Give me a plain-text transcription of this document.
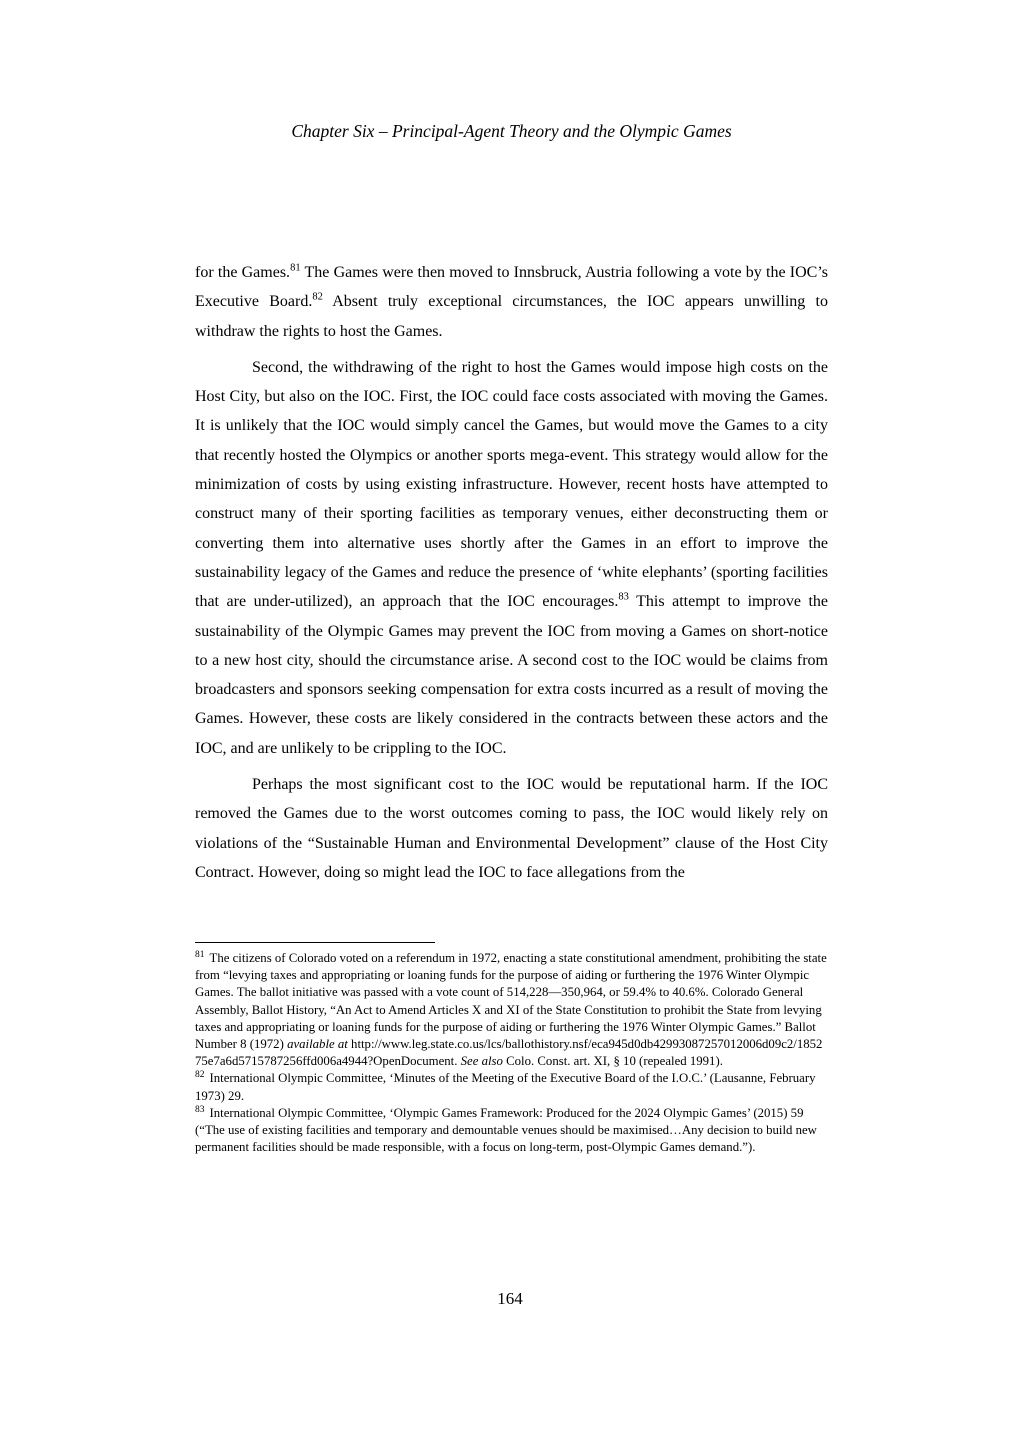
Chapter Six – Principal-Agent Theory and the Olympic Games

for the Games.$^{81}$ The Games were then moved to Innsbruck, Austria following a vote by the IOC’s Executive Board.$^{82}$ Absent truly exceptional circumstances, the IOC appears unwilling to withdraw the rights to host the Games.

Second, the withdrawing of the right to host the Games would impose high costs on the Host City, but also on the IOC. First, the IOC could face costs associated with moving the Games. It is unlikely that the IOC would simply cancel the Games, but would move the Games to a city that recently hosted the Olympics or another sports mega-event. This strategy would allow for the minimization of costs by using existing infrastructure. However, recent hosts have attempted to construct many of their sporting facilities as temporary venues, either deconstructing them or converting them into alternative uses shortly after the Games in an effort to improve the sustainability legacy of the Games and reduce the presence of ‘white elephants’ (sporting facilities that are under-utilized), an approach that the IOC encourages.$^{83}$ This attempt to improve the sustainability of the Olympic Games may prevent the IOC from moving a Games on short-notice to a new host city, should the circumstance arise. A second cost to the IOC would be claims from broadcasters and sponsors seeking compensation for extra costs incurred as a result of moving the Games. However, these costs are likely considered in the contracts between these actors and the IOC, and are unlikely to be crippling to the IOC.

Perhaps the most significant cost to the IOC would be reputational harm. If the IOC removed the Games due to the worst outcomes coming to pass, the IOC would likely rely on violations of the “Sustainable Human and Environmental Development” clause of the Host City Contract. However, doing so might lead the IOC to face allegations from the

$^{81}$ The citizens of Colorado voted on a referendum in 1972, enacting a state constitutional amendment, prohibiting the state from “levying taxes and appropriating or loaning funds for the purpose of aiding or furthering the 1976 Winter Olympic Games. The ballot initiative was passed with a vote count of 514,228—350,964, or 59.4% to 40.6%. Colorado General Assembly, Ballot History, “An Act to Amend Articles X and XI of the State Constitution to prohibit the State from levying taxes and appropriating or loaning funds for the purpose of aiding or furthering the 1976 Winter Olympic Games.” Ballot Number 8 (1972) available at http://www.leg.state.co.us/lcs/ballothistory.nsf/eca945d0db42993087257012006d09c2/185275e7a6d5715787256ffd006a4944?OpenDocument. See also Colo. Const. art. XI, § 10 (repealed 1991).

$^{82}$ International Olympic Committee, ‘Minutes of the Meeting of the Executive Board of the I.O.C.’ (Lausanne, February 1973) 29.

$^{83}$ International Olympic Committee, ‘Olympic Games Framework: Produced for the 2024 Olympic Games’ (2015) 59 (“The use of existing facilities and temporary and demountable venues should be maximised…Any decision to build new permanent facilities should be made responsible, with a focus on long-term, post-Olympic Games demand.”).

164
